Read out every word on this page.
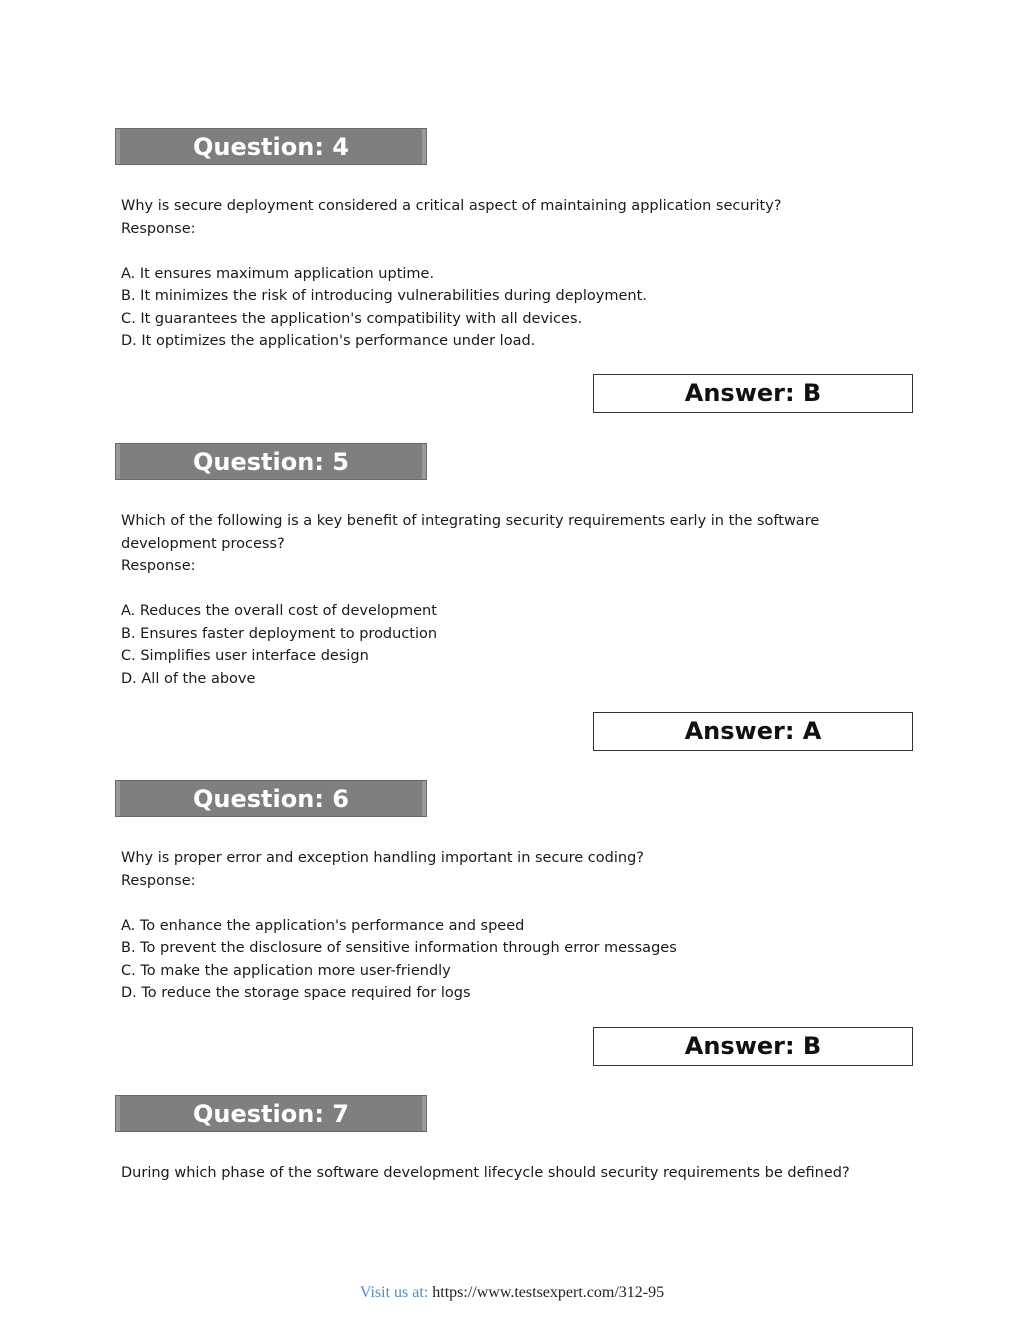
Question: 4

Why is secure deployment considered a critical aspect of maintaining application security?

Response:

A. It ensures maximum application uptime.

B. It minimizes the risk of introducing vulnerabilities during deployment.

C. It guarantees the application's compatibility with all devices.

D. It optimizes the application's performance under load.

Answer: B
Question: 5

Which of the following is a key benefit of integrating security requirements early in the software

development process?

Response:

A. Reduces the overall cost of development

B. Ensures faster deployment to production

C. Simplifies user interface design

D. All of the above

Answer: A
Question: 6

Why is proper error and exception handling important in secure coding?

Response:

A. To enhance the application's performance and speed

B. To prevent the disclosure of sensitive information through error messages

C. To make the application more user-friendly

D. To reduce the storage space required for logs

Answer: B
Question: 7

During which phase of the software development lifecycle should security requirements be defined?

Visit us at: https://www.testsexpert.com/312-95
